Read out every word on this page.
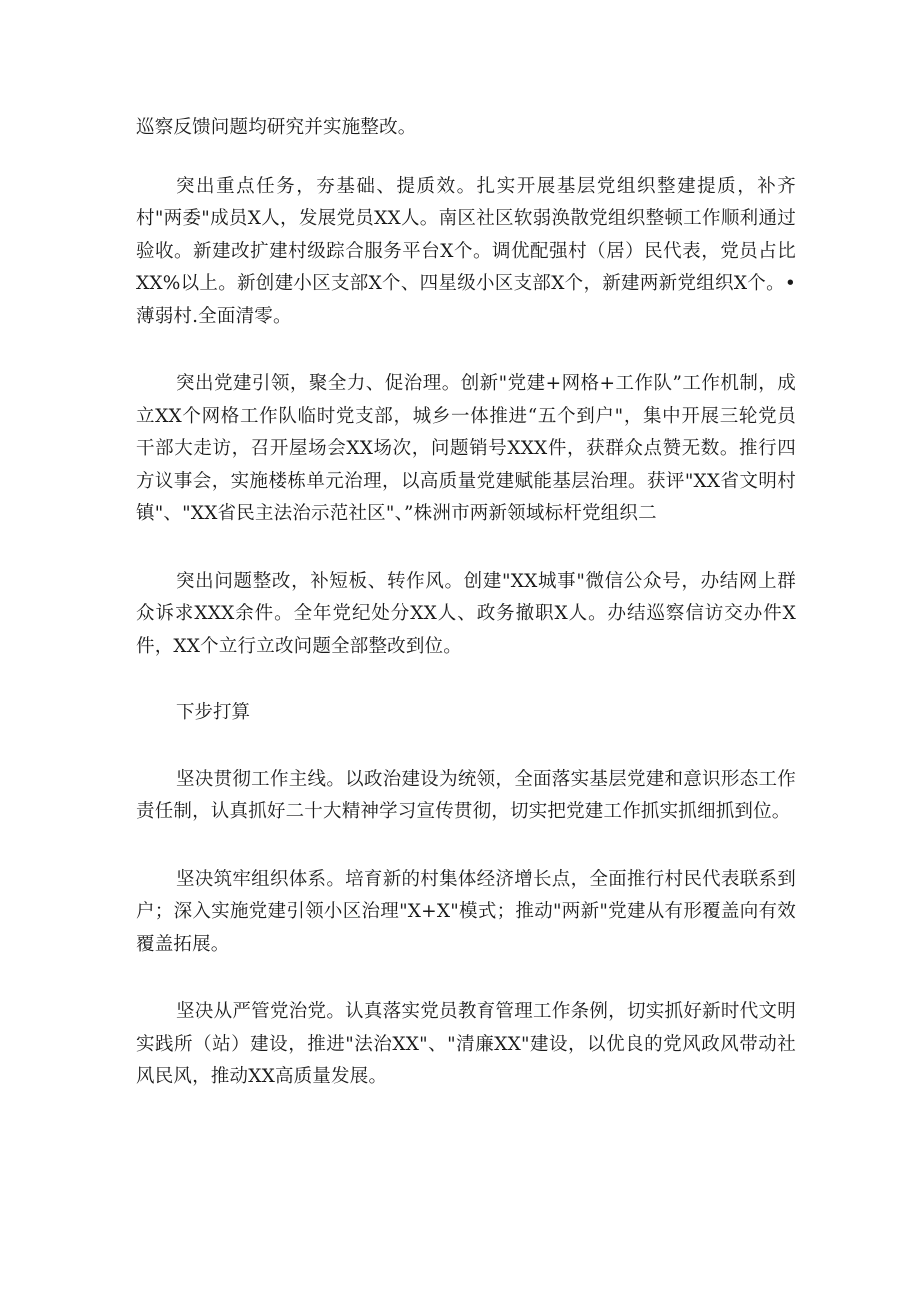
巡察反馈问题均研究并实施整改。

突出重点任务，夯基础、提质效。扎实开展基层党组织整建提质，补齐村"两委"成员X人，发展党员XX人。南区社区软弱涣散党组织整顿工作顺利通过验收。新建改扩建村级踪合服务平台X个。调优配强村（居）民代表，党员占比XX%以上。新创建小区支部X个、四星级小区支部X个，新建两新党组织X个。•薄弱村.全面清零。

突出党建引领，聚全力、促治理。创新"党建+网格+工作队”工作机制，成立XX个网格工作队临时党支部，城乡一体推进“五个到户"，集中开展三轮党员干部大走访，召开屋场会XX场次，问题销号XXX件，获群众点赞无数。推行四方议事会，实施楼栋单元治理，以高质量党建赋能基层治理。获评"XX省文明村镇"、"XX省民主法治示范社区"、”株洲市两新领域标杆党组织二

突出问题整改，补短板、转作风。创建"XX城事"微信公众号，办结网上群众诉求XXX余件。全年党纪处分XX人、政务撤职X人。办结巡察信访交办件X件，XX个立行立改问题全部整改到位。

下步打算

坚决贯彻工作主线。以政治建设为统领，全面落实基层党建和意识形态工作责任制，认真抓好二十大精神学习宣传贯彻，切实把党建工作抓实抓细抓到位。

坚决筑牢组织体系。培育新的村集体经济增长点，全面推行村民代表联系到户；深入实施党建引领小区治理"X+X"模式；推动"两新"党建从有形覆盖向有效覆盖拓展。

坚决从严管党治党。认真落实党员教育管理工作条例，切实抓好新时代文明实践所（站）建设，推进"法治XX"、"清廉XX"建设，以优良的党风政风带动社风民风，推动XX高质量发展。
